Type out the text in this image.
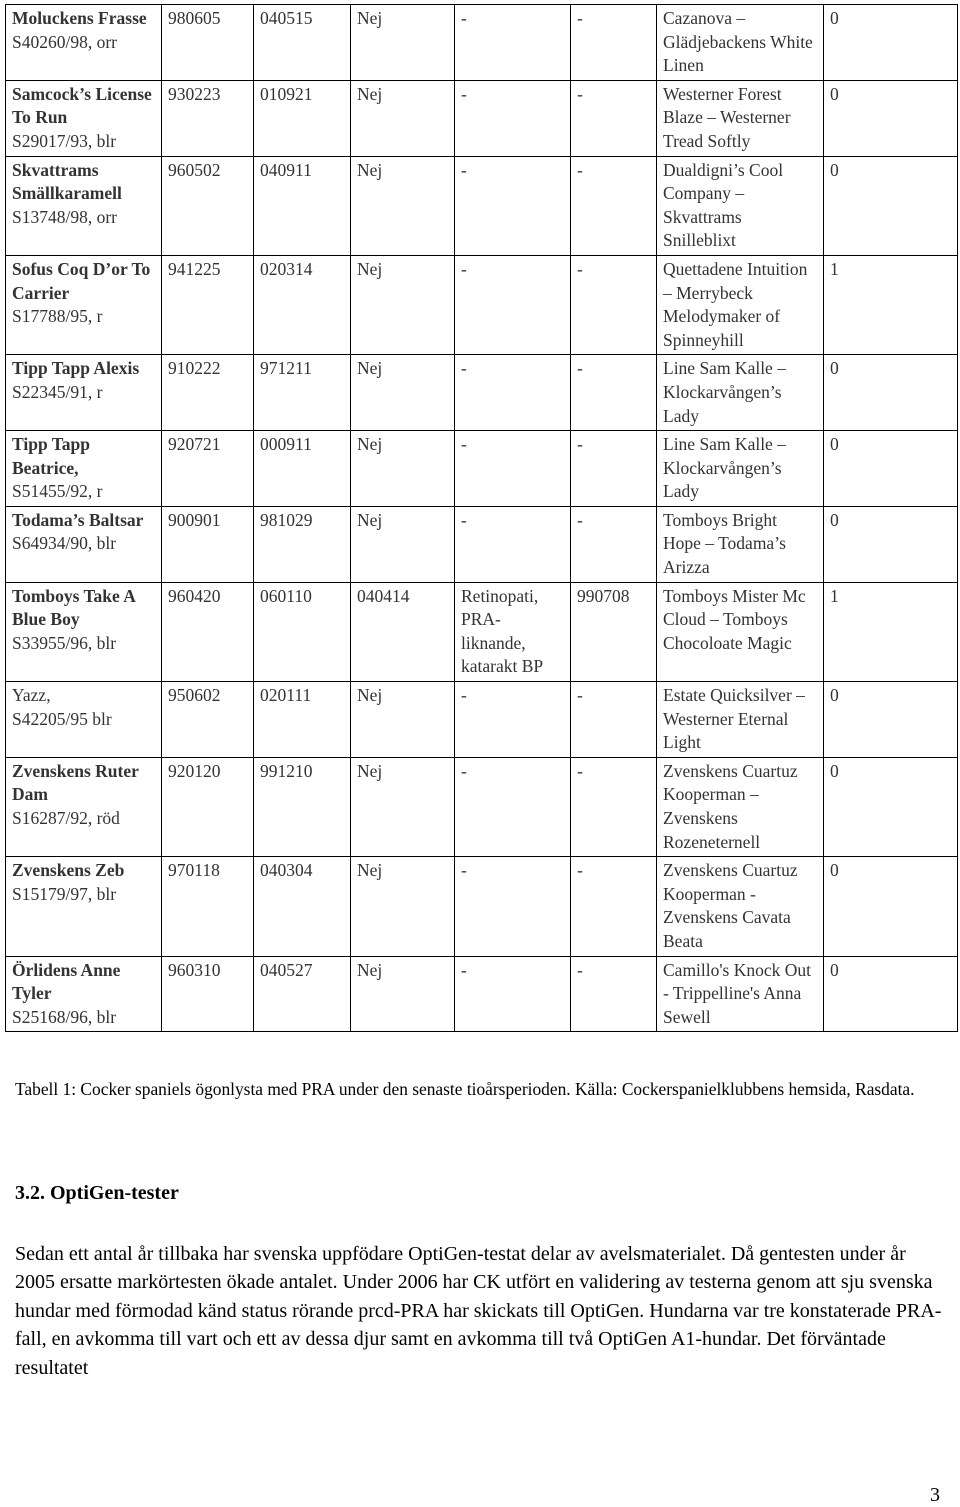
Moluckens Frasse
S40260/98, orr	980605	040515	Nej	-	-	Cazanova – Glädjebackens White Linen	0
Samcock’s License To Run
S29017/93, blr	930223	010921	Nej	-	-	Westerner Forest Blaze – Westerner Tread Softly	0
Skvattrams Smällkaramell
S13748/98, orr	960502	040911	Nej	-	-	Dualdigni’s Cool Company – Skvattrams Snilleblixt	0
Sofus Coq D’or To Carrier
S17788/95, r	941225	020314	Nej	-	-	Quettadene Intuition – Merrybeck Melodymaker of Spinneyhill	1
Tipp Tapp Alexis
S22345/91, r	910222	971211	Nej	-	-	Line Sam Kalle – Klockarvången’s Lady	0
Tipp Tapp Beatrice,
S51455/92, r	920721	000911	Nej	-	-	Line Sam Kalle – Klockarvången’s Lady	0
Todama’s Baltsar
S64934/90, blr	900901	981029	Nej	-	-	Tomboys Bright Hope – Todama’s Arizza	0
Tomboys Take A Blue Boy
S33955/96, blr	960420	060110	040414	Retinopati, PRA-liknande, katarakt BP	990708	Tomboys Mister Mc Cloud – Tomboys Chocoloate Magic	1
Yazz,
S42205/95 blr	950602	020111	Nej	-	-	Estate Quicksilver – Westerner Eternal Light	0
Zvenskens Ruter Dam
S16287/92, röd	920120	991210	Nej	-	-	Zvenskens Cuartuz Kooperman – Zvenskens Rozeneternell	0
Zvenskens Zeb
S15179/97, blr	970118	040304	Nej	-	-	Zvenskens Cuartuz Kooperman - Zvenskens Cavata Beata	0
Örlidens Anne Tyler
S25168/96, blr	960310	040527	Nej	-	-	Camillo's Knock Out - Trippelline's Anna Sewell	0
Tabell 1: Cocker spaniels ögonlysta med PRA under den senaste tioårsperioden. Källa: Cockerspanielklubbens hemsida, Rasdata.
3.2. OptiGen-tester
Sedan ett antal år tillbaka har svenska uppfödare OptiGen-testat delar av avelsmaterialet. Då gentesten under år 2005 ersatte markörtesten ökade antalet. Under 2006 har CK utfört en validering av testerna genom att sju svenska hundar med förmodad känd status rörande prcd-PRA har skickats till OptiGen. Hundarna var tre konstaterade PRA-fall, en avkomma till vart och ett av dessa djur samt en avkomma till två OptiGen A1-hundar. Det förväntade resultatet
3
